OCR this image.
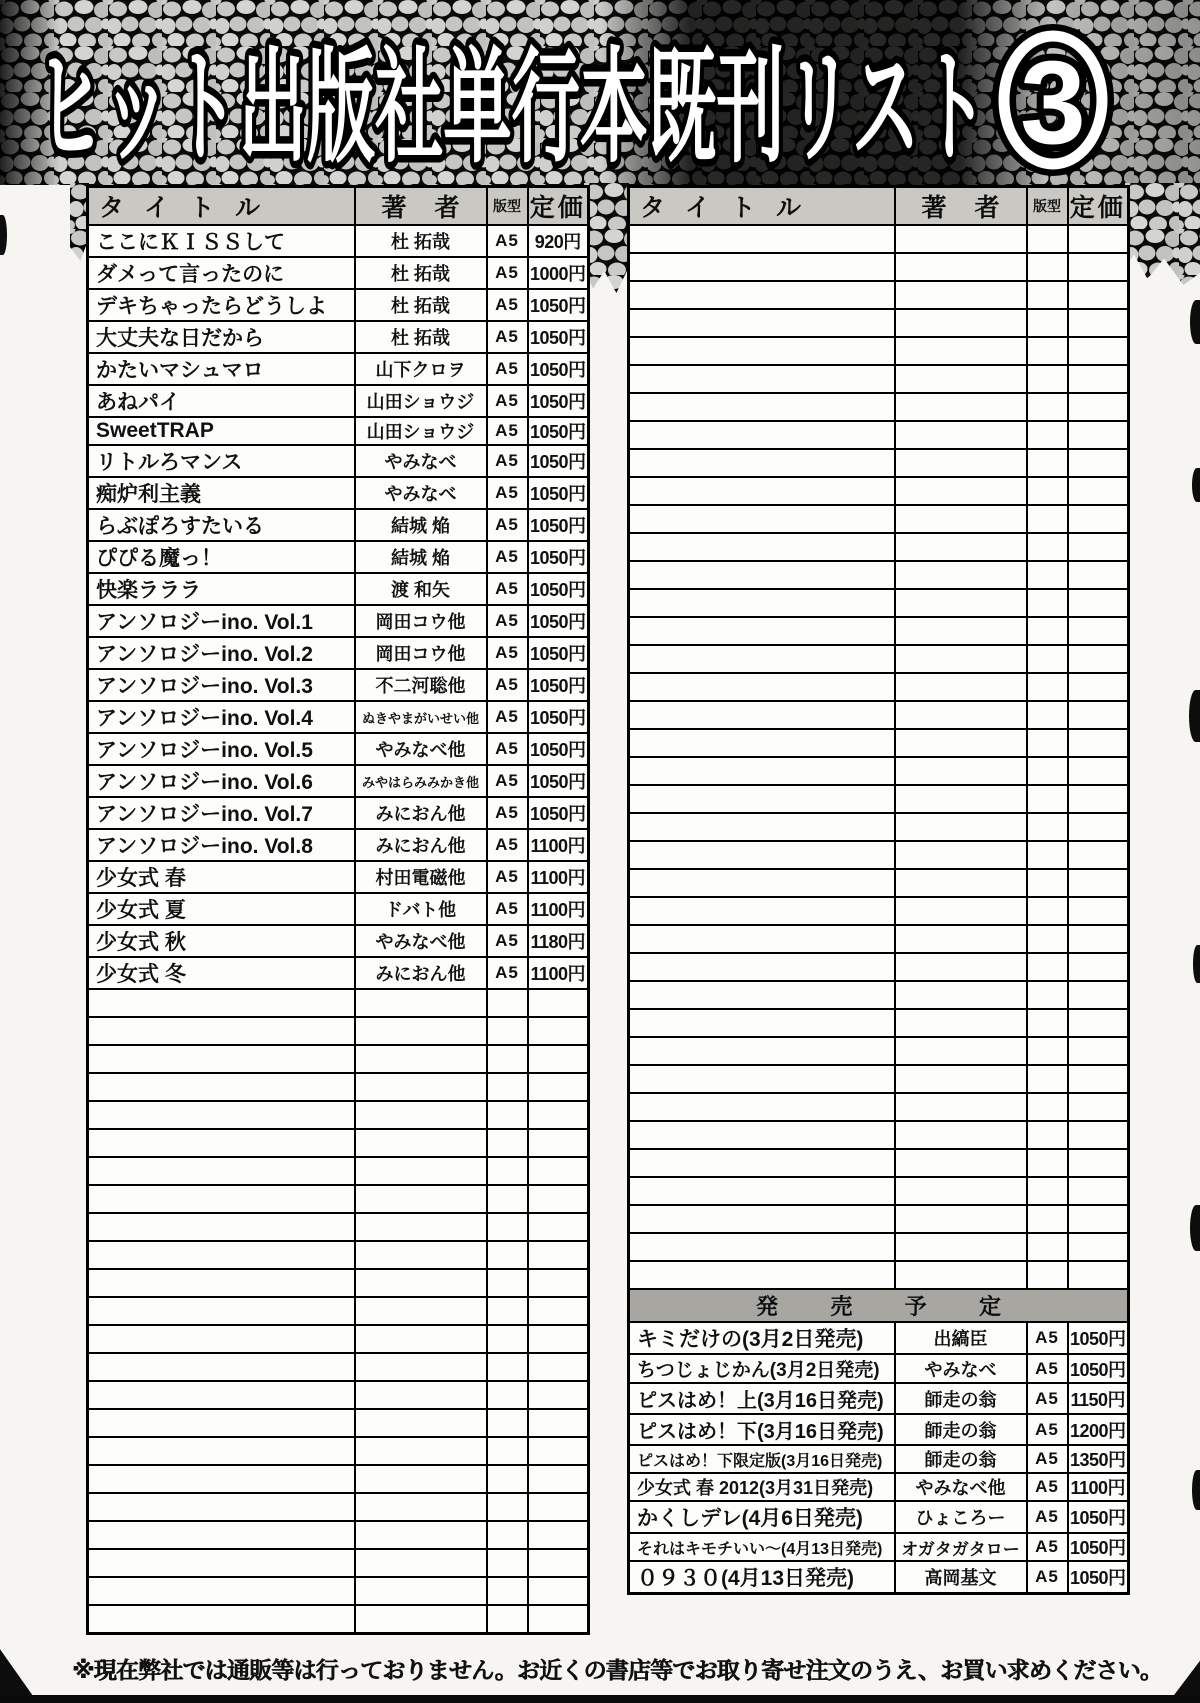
ヒット出版社単行本既刊リスト 3
タイトル	著　者	版型	定価
ここにＫＩＳＳして	杜 拓哉	A5	920円
ダメって言ったのに	杜 拓哉	A5	1000円
デキちゃったらどうしよ	杜 拓哉	A5	1050円
大丈夫な日だから	杜 拓哉	A5	1050円
かたいマシュマロ	山下クロヲ	A5	1050円
あねパイ	山田ショウジ	A5	1050円
SweetTRAP	山田ショウジ	A5	1050円
リトルろマンス	やみなべ	A5	1050円
痴炉利主義	やみなべ	A5	1050円
らぶぽろすたいる	結城 焔	A5	1050円
ぴぴる魔っ！	結城 焔	A5	1050円
快楽ラララ	渡 和矢	A5	1050円
アンソロジーino. Vol.1	岡田コウ他	A5	1050円
アンソロジーino. Vol.2	岡田コウ他	A5	1050円
アンソロジーino. Vol.3	不二河聡他	A5	1050円
アンソロジーino. Vol.4	ぬきやまがいせい他	A5	1050円
アンソロジーino. Vol.5	やみなべ他	A5	1050円
アンソロジーino. Vol.6	みやはらみみかき他	A5	1050円
アンソロジーino. Vol.7	みにおん他	A5	1050円
アンソロジーino. Vol.8	みにおん他	A5	1100円
少女式 春	村田電磁他	A5	1100円
少女式 夏	ドバト他	A5	1100円
少女式 秋	やみなべ他	A5	1180円
少女式 冬	みにおん他	A5	1100円

タイトル	著　者	版型	定価

発 売 予 定			
キミだけの(3月2日発売)	出縞臣	A5	1050円
ちつじょじかん(3月2日発売)	やみなべ	A5	1050円
ピスはめ！上(3月16日発売)	師走の翁	A5	1150円
ピスはめ！下(3月16日発売)	師走の翁	A5	1200円
ピスはめ！下限定版(3月16日発売)	師走の翁	A5	1350円
少女式 春 2012(3月31日発売)	やみなべ他	A5	1100円
かくしデレ(4月6日発売)	ひょころー	A5	1050円
それはキモチいい〜(4月13日発売)	オガタガタロー	A5	1050円
０９３０(4月13日発売)	高岡基文	A5	1050円
※現在弊社では通販等は行っておりません。お近くの書店等でお取り寄せ注文のうえ、お買い求めください。
